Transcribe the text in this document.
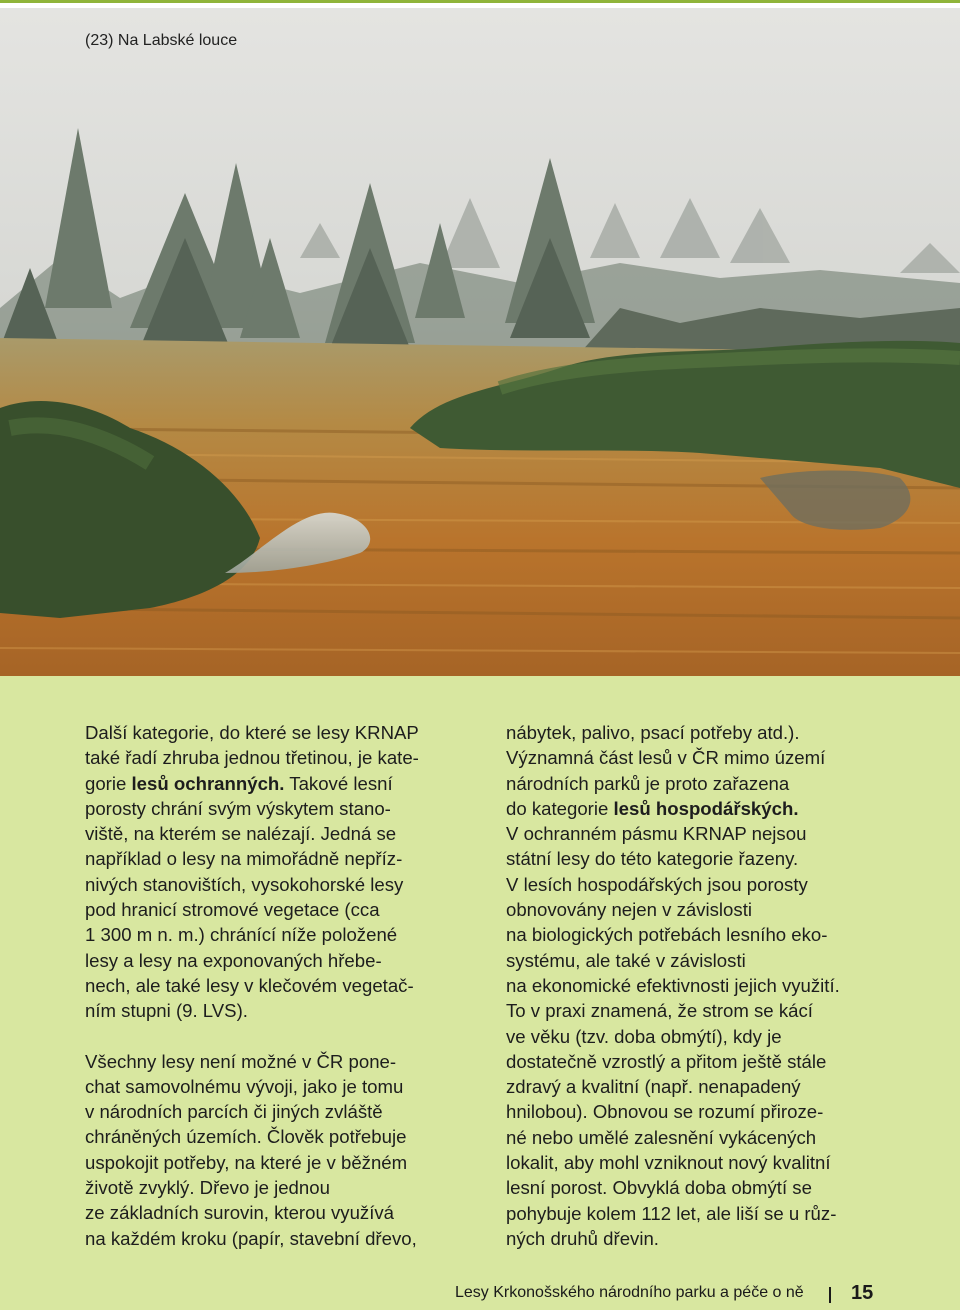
(23) Na Labské louce

Další kategorie, do které se lesy KRNAP
také řadí zhruba jednou třetinou, je kate-
gorie lesů ochranných. Takové lesní
porosty chrání svým výskytem stano-
viště, na kterém se nalézají. Jedná se
například o lesy na mimořádně nepříz-
nivých stanovištích, vysokohorské lesy
pod hranicí stromové vegetace (cca
1 300 m n. m.) chránící níže položené
lesy a lesy na exponovaných hřebe-
nech, ale také lesy v klečovém vegetač-
ním stupni (9. LVS).

Všechny lesy není možné v ČR pone-
chat samovolnému vývoji, jako je tomu
v národních parcích či jiných zvláště
chráněných územích. Člověk potřebuje
uspokojit potřeby, na které je v běžném
životě zvyklý. Dřevo je jednou
ze základních surovin, kterou využívá
na každém kroku (papír, stavební dřevo,

nábytek, palivo, psací potřeby atd.).
Významná část lesů v ČR mimo území
národních parků je proto zařazena
do kategorie lesů hospodářských.
V ochranném pásmu KRNAP nejsou
státní lesy do této kategorie řazeny.
V lesích hospodářských jsou porosty
obnovovány nejen v závislosti
na biologických potřebách lesního eko-
systému, ale také v závislosti
na ekonomické efektivnosti jejich využití.
To v praxi znamená, že strom se kácí
ve věku (tzv. doba obmýtí), kdy je
dostatečně vzrostlý a přitom ještě stále
zdravý a kvalitní (např. nenapadený
hnilobou). Obnovou se rozumí přiroze-
né nebo umělé zalesnění vykácených
lokalit, aby mohl vzniknout nový kvalitní
lesní porost. Obvyklá doba obmýtí se
pohybuje kolem 112 let, ale liší se u růz-
ných druhů dřevin.

Lesy Krkonošského národního parku a péče o ně 15
